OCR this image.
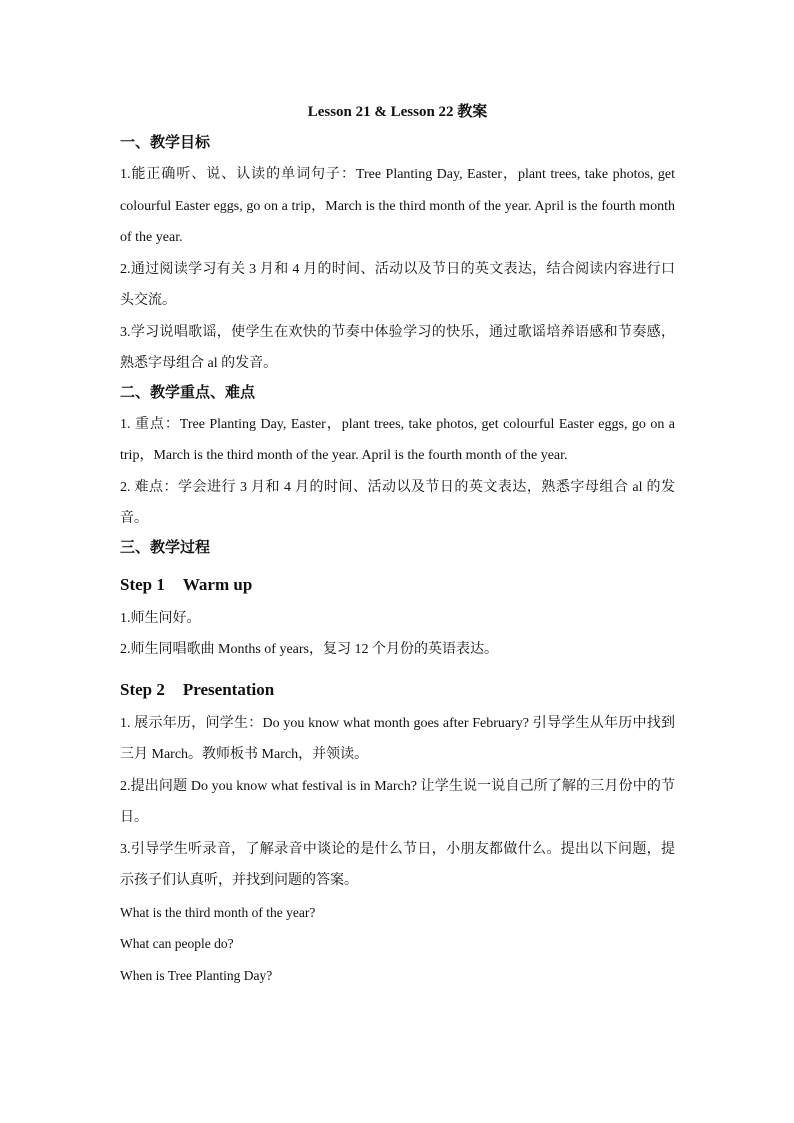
Lesson 21 & Lesson 22 教案
一、教学目标

1.能正确听、说、认读的单词句子：Tree Planting Day, Easter，plant trees, take photos, get colourful Easter eggs, go on a trip，March is the third month of the year. April is the fourth month of the year.

2.通过阅读学习有关 3 月和 4 月的时间、活动以及节日的英文表达，结合阅读内容进行口头交流。

3.学习说唱歌谣，使学生在欢快的节奏中体验学习的快乐，通过歌谣培养语感和节奏感，熟悉字母组合 al 的发音。

二、教学重点、难点

1. 重点：Tree Planting Day, Easter，plant trees, take photos, get colourful Easter eggs, go on a trip，March is the third month of the year. April is the fourth month of the year.

2. 难点：学会进行 3 月和 4 月的时间、活动以及节日的英文表达，熟悉字母组合 al 的发音。

三、教学过程
Step 1 Warm up

1.师生问好。

2.师生同唱歌曲 Months of years，复习 12 个月份的英语表达。

Step 2 Presentation

1. 展示年历，问学生：Do you know what month goes after February? 引导学生从年历中找到三月 March。教师板书 March，并领读。

2.提出问题 Do you know what festival is in March? 让学生说一说自己所了解的三月份中的节日。

3.引导学生听录音，了解录音中谈论的是什么节日，小朋友都做什么。提出以下问题，提示孩子们认真听，并找到问题的答案。

What is the third month of the year?

What can people do?

When is Tree Planting Day?
